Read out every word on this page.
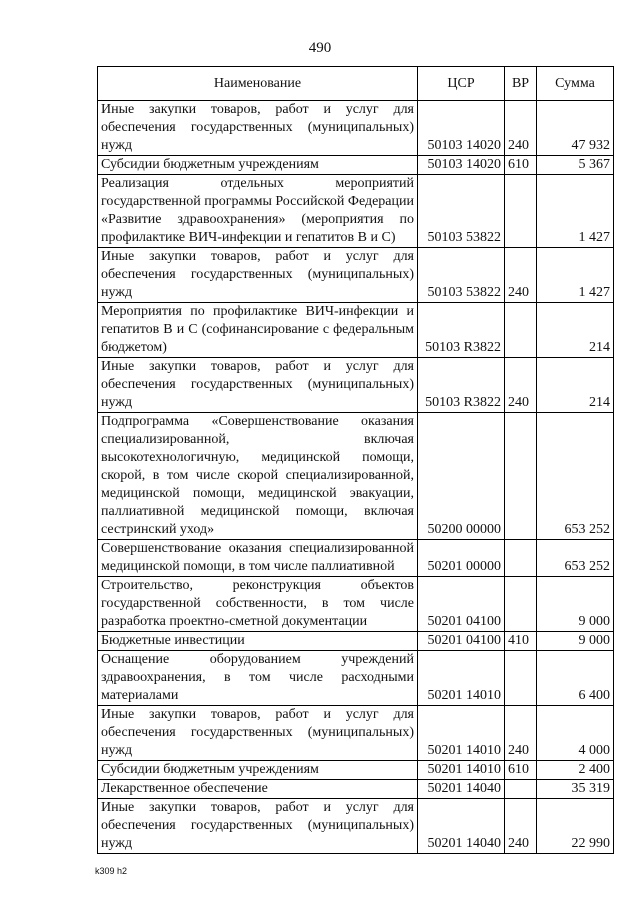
490
Наименование	ЦСР	ВР	Сумма
Иные закупки товаров, работ и услуг для обеспечения государственных (муниципальных) нужд	50103 14020	240	47 932
Субсидии бюджетным учреждениям	50103 14020	610	5 367
Реализация отдельных мероприятий государственной программы Российской Федерации «Развитие здравоохранения» (мероприятия по профилактике ВИЧ-инфекции и гепатитов В и С)	50103 53822		1 427
Иные закупки товаров, работ и услуг для обеспечения государственных (муниципальных) нужд	50103 53822	240	1 427
Мероприятия по профилактике ВИЧ-инфекции и гепатитов В и С (софинансирование с федеральным бюджетом)	50103 R3822		214
Иные закупки товаров, работ и услуг для обеспечения государственных (муниципальных) нужд	50103 R3822	240	214
Подпрограмма «Совершенствование оказания специализированной, включая высокотехнологичную, медицинской помощи, скорой, в том числе скорой специализированной, медицинской помощи, медицинской эвакуации, паллиативной медицинской помощи, включая сестринский уход»	50200 00000		653 252
Совершенствование оказания специализированной медицинской помощи, в том числе паллиативной	50201 00000		653 252
Строительство, реконструкция объектов государственной собственности, в том числе разработка проектно-сметной документации	50201 04100		9 000
Бюджетные инвестиции	50201 04100	410	9 000
Оснащение оборудованием учреждений здравоохранения, в том числе расходными материалами	50201 14010		6 400
Иные закупки товаров, работ и услуг для обеспечения государственных (муниципальных) нужд	50201 14010	240	4 000
Субсидии бюджетным учреждениям	50201 14010	610	2 400
Лекарственное обеспечение	50201 14040		35 319
Иные закупки товаров, работ и услуг для обеспечения государственных (муниципальных) нужд	50201 14040	240	22 990
k309 h2
